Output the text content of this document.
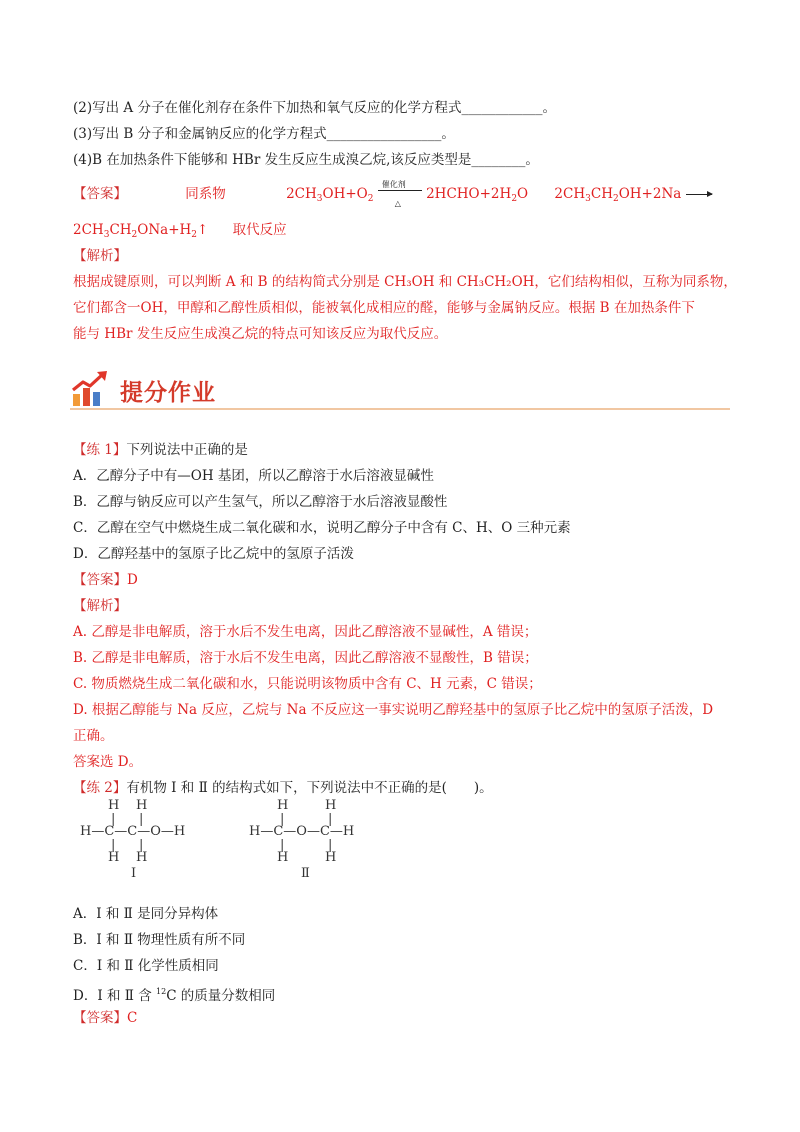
(2)写出 A 分子在催化剂存在条件下加热和氧气反应的化学方程式____________。
(3)写出 B 分子和金属钠反应的化学方程式_________________。
(4)B 在加热条件下能够和 HBr 发生反应生成溴乙烷,该反应类型是________。
【答案】	同系物	$2CH_3OH+O_2$
催化剂
△
$2HCHO+2H_2O$ $2CH_3CH_2OH+2Na$ →
$2CH_3CH_2ONa+H_2↑$ 取代反应
【解析】
根据成键原则，可以判断 A 和 B 的结构简式分别是 CH₃OH 和 CH₃CH₂OH，它们结构相似，互称为同系物，
它们都含一OH，甲醇和乙醇性质相似，能被氧化成相应的醛，能够与金属钠反应。根据 B 在加热条件下
能与 HBr 发生反应生成溴乙烷的特点可知该反应为取代反应。
提分作业
【练 1】下列说法中正确的是
A．乙醇分子中有—OH 基团，所以乙醇溶于水后溶液显碱性
B．乙醇与钠反应可以产生氢气，所以乙醇溶于水后溶液显酸性
C．乙醇在空气中燃烧生成二氧化碳和水，说明乙醇分子中含有 C、H、O 三种元素
D．乙醇羟基中的氢原子比乙烷中的氢原子活泼
【答案】D
【解析】
A. 乙醇是非电解质，溶于水后不发生电离，因此乙醇溶液不显碱性，A 错误；
B. 乙醇是非电解质，溶于水后不发生电离，因此乙醇溶液不显酸性，B 错误；
C. 物质燃烧生成二氧化碳和水，只能说明该物质中含有 C、H 元素，C 错误；
D. 根据乙醇能与 Na 反应，乙烷与 Na 不反应这一事实说明乙醇羟基中的氢原子比乙烷中的氢原子活泼，D
正确。
答案选 D。
【练 2】有机物 Ⅰ 和 Ⅱ 的结构式如下，下列说法中不正确的是(　　)。
H H
| |
H—C—C—O—H
| |
H H
Ⅰ
H	H
|	|
H—C—O—C—H
|	|
H	H
Ⅱ
A．Ⅰ 和 Ⅱ 是同分异构体
B．Ⅰ 和 Ⅱ 物理性质有所不同
C．Ⅰ 和 Ⅱ 化学性质相同
D．Ⅰ 和 Ⅱ 含 $^{12}$C 的质量分数相同
【答案】C
